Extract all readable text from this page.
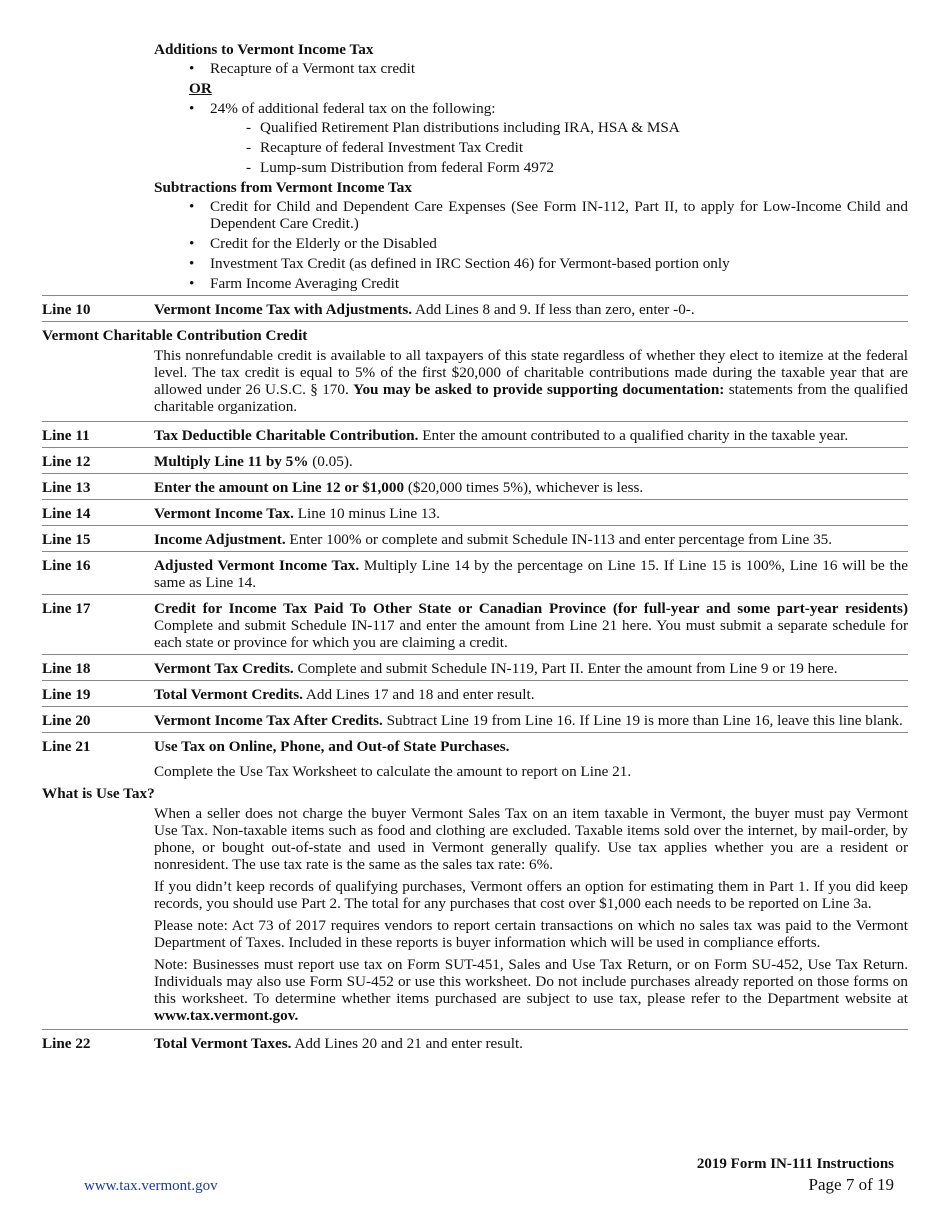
Additions to Vermont Income Tax
• Recapture of a Vermont tax credit
OR
• 24% of additional federal tax on the following:
- Qualified Retirement Plan distributions including IRA, HSA & MSA
- Recapture of federal Investment Tax Credit
- Lump-sum Distribution from federal Form 4972
Subtractions from Vermont Income Tax
• Credit for Child and Dependent Care Expenses (See Form IN-112, Part II, to apply for Low-Income Child and Dependent Care Credit.)
• Credit for the Elderly or the Disabled
• Investment Tax Credit (as defined in IRC Section 46) for Vermont-based portion only
• Farm Income Averaging Credit
Line 10	Vermont Income Tax with Adjustments. Add Lines 8 and 9. If less than zero, enter -0-.
Vermont Charitable Contribution Credit
This nonrefundable credit is available to all taxpayers of this state regardless of whether they elect to itemize at the federal level. The tax credit is equal to 5% of the first $20,000 of charitable contributions made during the taxable year that are allowed under 26 U.S.C. § 170. You may be asked to provide supporting documentation: statements from the qualified charitable organization.
Line 11	Tax Deductible Charitable Contribution. Enter the amount contributed to a qualified charity in the taxable year.
Line 12	Multiply Line 11 by 5% (0.05).
Line 13	Enter the amount on Line 12 or $1,000 ($20,000 times 5%), whichever is less.
Line 14	Vermont Income Tax. Line 10 minus Line 13.
Line 15	Income Adjustment. Enter 100% or complete and submit Schedule IN-113 and enter percentage from Line 35.
Line 16	Adjusted Vermont Income Tax. Multiply Line 14 by the percentage on Line 15. If Line 15 is 100%, Line 16 will be the same as Line 14.
Line 17	Credit for Income Tax Paid To Other State or Canadian Province (for full-year and some part-year residents) Complete and submit Schedule IN-117 and enter the amount from Line 21 here. You must submit a separate schedule for each state or province for which you are claiming a credit.
Line 18	Vermont Tax Credits. Complete and submit Schedule IN-119, Part II. Enter the amount from Line 9 or 19 here.
Line 19	Total Vermont Credits. Add Lines 17 and 18 and enter result.
Line 20	Vermont Income Tax After Credits. Subtract Line 19 from Line 16. If Line 19 is more than Line 16, leave this line blank.
Line 21	Use Tax on Online, Phone, and Out-of State Purchases.
Complete the Use Tax Worksheet to calculate the amount to report on Line 21.
What is Use Tax?
When a seller does not charge the buyer Vermont Sales Tax on an item taxable in Vermont, the buyer must pay Vermont Use Tax. Non-taxable items such as food and clothing are excluded. Taxable items sold over the internet, by mail-order, by phone, or bought out-of-state and used in Vermont generally qualify. Use tax applies whether you are a resident or nonresident. The use tax rate is the same as the sales tax rate: 6%.
If you didn’t keep records of qualifying purchases, Vermont offers an option for estimating them in Part 1. If you did keep records, you should use Part 2. The total for any purchases that cost over $1,000 each needs to be reported on Line 3a.
Please note: Act 73 of 2017 requires vendors to report certain transactions on which no sales tax was paid to the Vermont Department of Taxes. Included in these reports is buyer information which will be used in compliance efforts.
Note: Businesses must report use tax on Form SUT-451, Sales and Use Tax Return, or on Form SU-452, Use Tax Return. Individuals may also use Form SU-452 or use this worksheet. Do not include purchases already reported on those forms on this worksheet. To determine whether items purchased are subject to use tax, please refer to the Department website at www.tax.vermont.gov.
Line 22	Total Vermont Taxes. Add Lines 20 and 21 and enter result.
2019 Form IN-111 Instructions
Page 7 of 19
www.tax.vermont.gov
